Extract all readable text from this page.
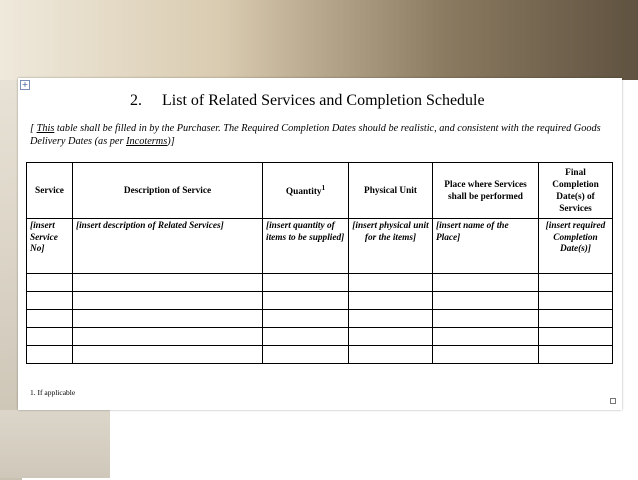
+
2. List of Related Services and Completion Schedule
[ This table shall be filled in by the Purchaser. The Required Completion Dates should be realistic, and consistent with the required Goods Delivery Dates (as per Incoterms)]
Service	Description of Service	Quantity$^1$	Physical Unit	Place where Services shall be performed	Final Completion Date(s) of Services
[insert Service No]	[insert description of Related Services]	[insert quantity of items to be supplied]	[insert physical unit for the items]	[insert name of the Place]	[insert required Completion Date(s)]

1. If applicable
